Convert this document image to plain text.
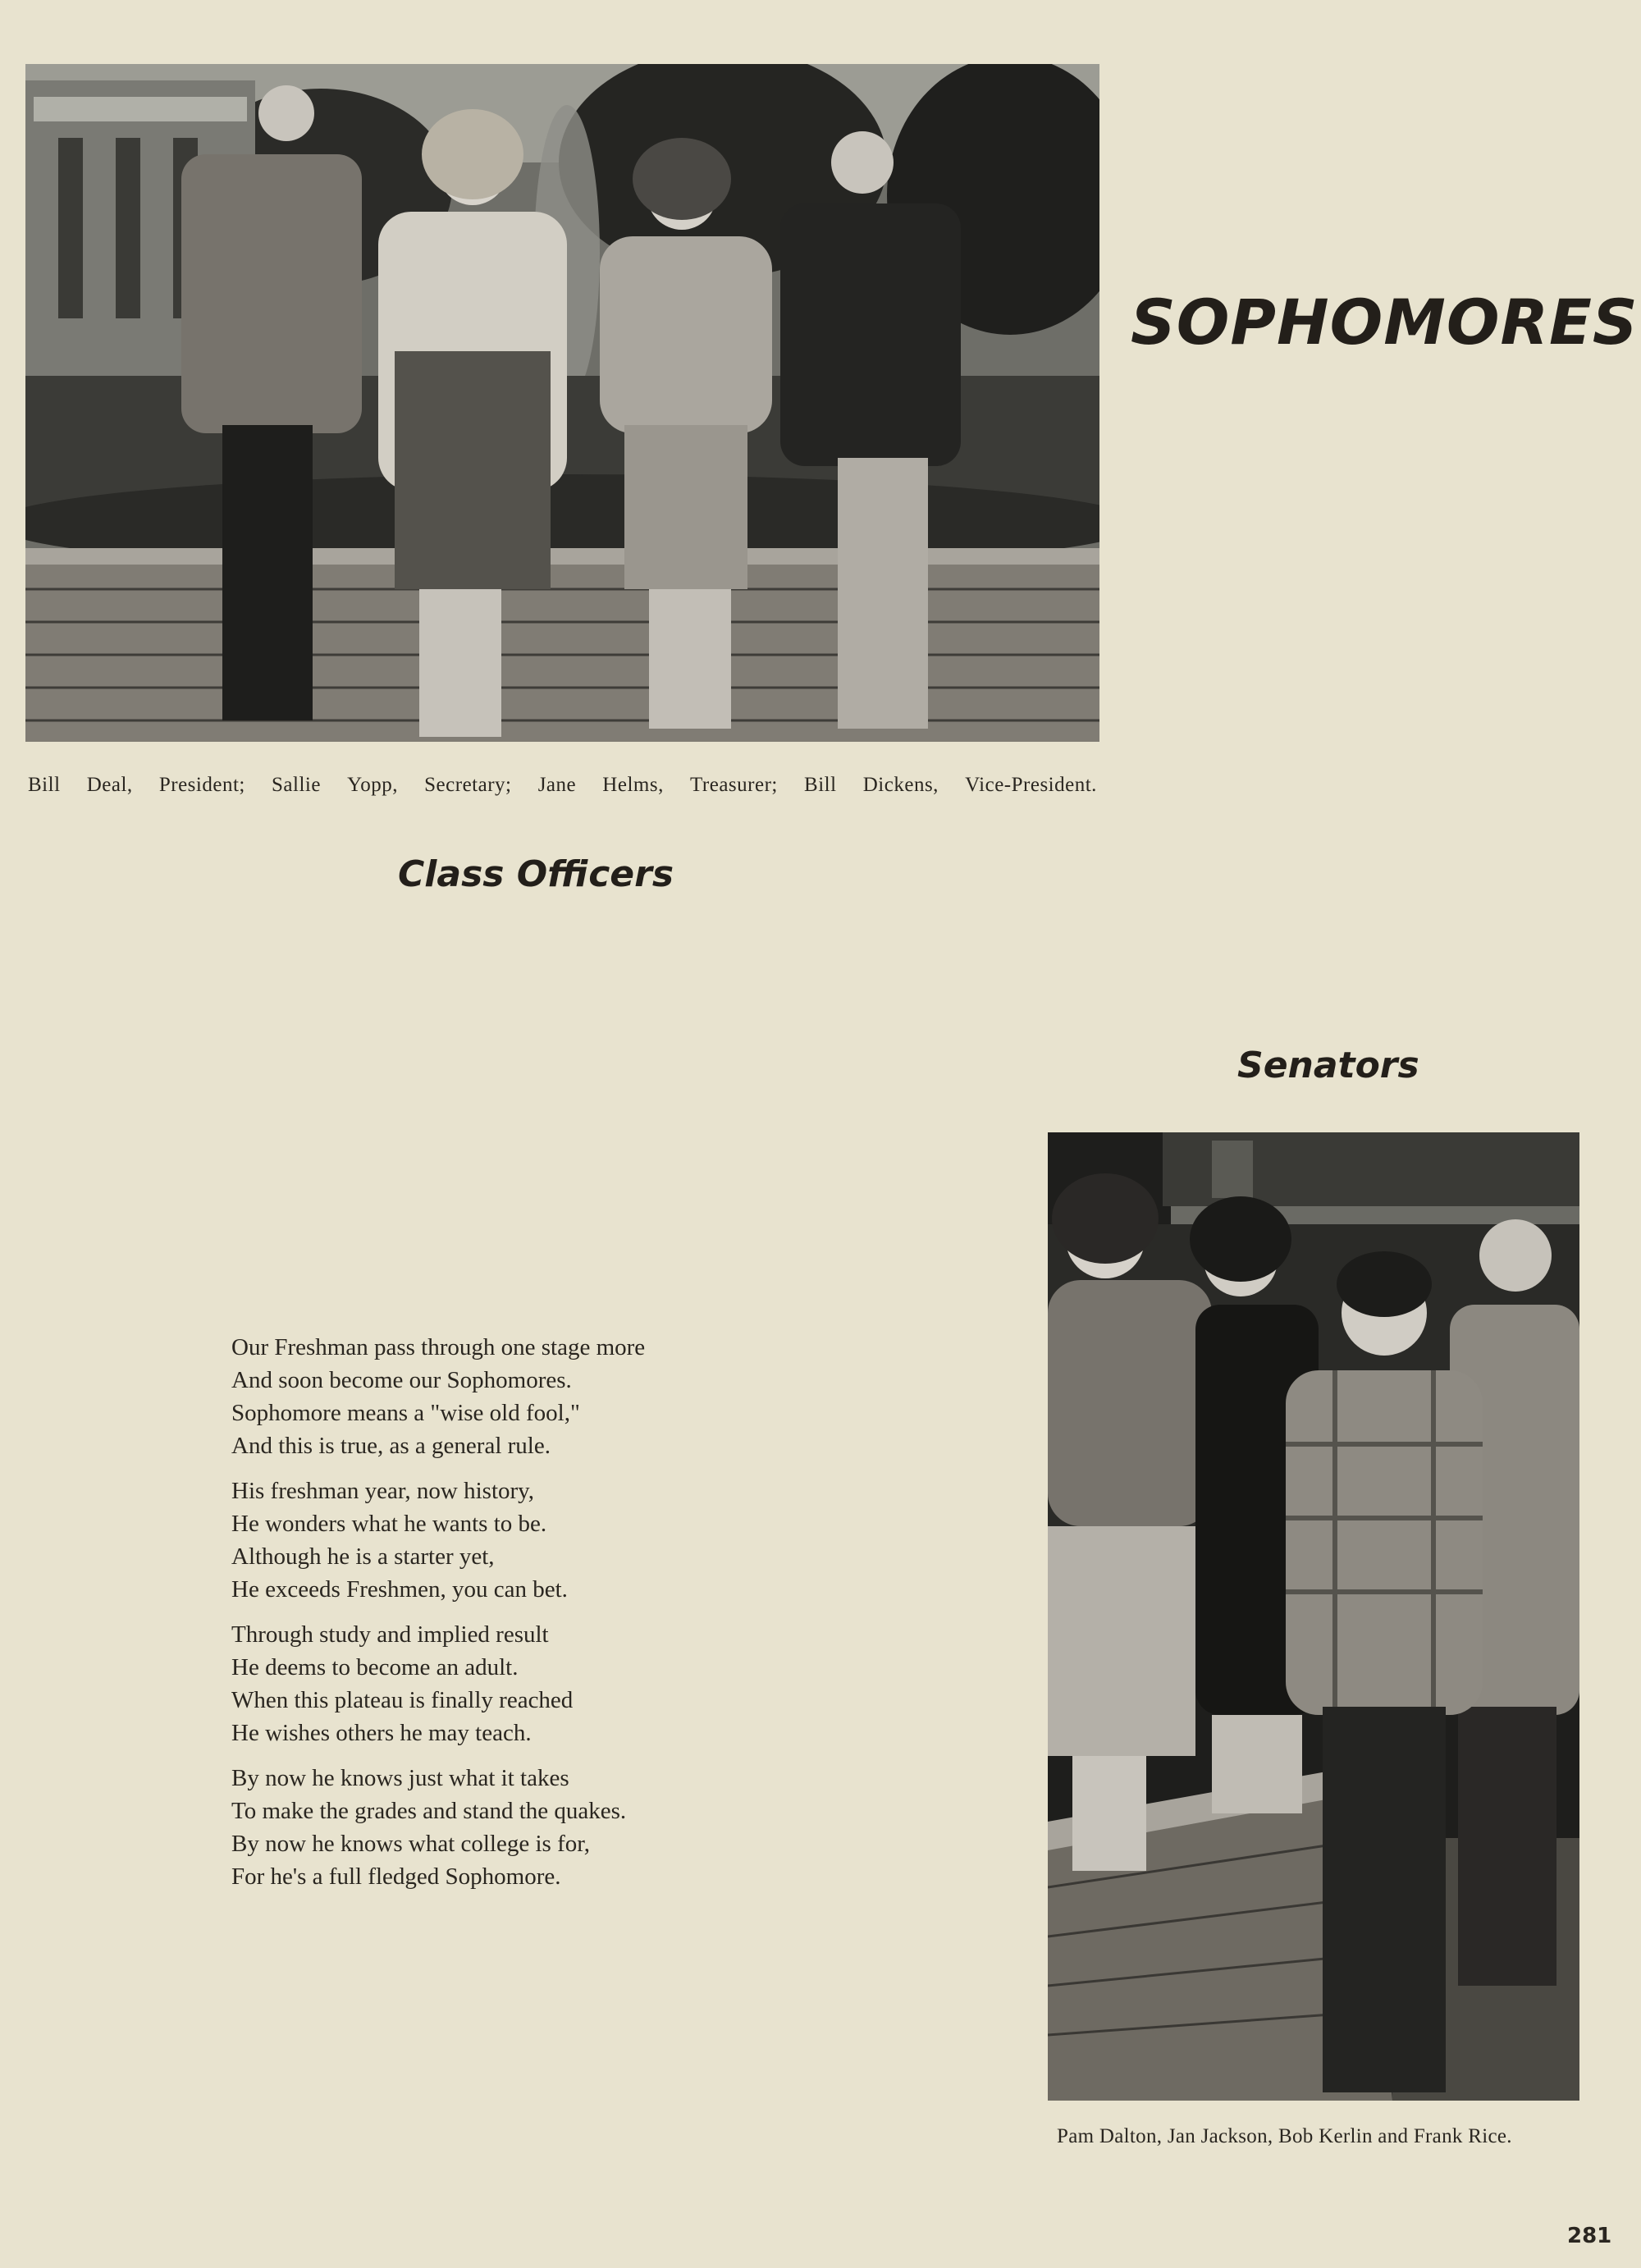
Bill Deal, President; Sallie Yopp, Secretary; Jane Helms, Treasurer; Bill Dickens, Vice-President.
SOPHOMORES
Class Officers
Senators
Our Freshman pass through one stage more
And soon become our Sophomores.
Sophomore means a "wise old fool,"
And this is true, as a general rule.
His freshman year, now history,
He wonders what he wants to be.
Although he is a starter yet,
He exceeds Freshmen, you can bet.
Through study and implied result
He deems to become an adult.
When this plateau is finally reached
He wishes others he may teach.
By now he knows just what it takes
To make the grades and stand the quakes.
By now he knows what college is for,
For he's a full fledged Sophomore.
Pam Dalton, Jan Jackson, Bob Kerlin and Frank Rice.
281
